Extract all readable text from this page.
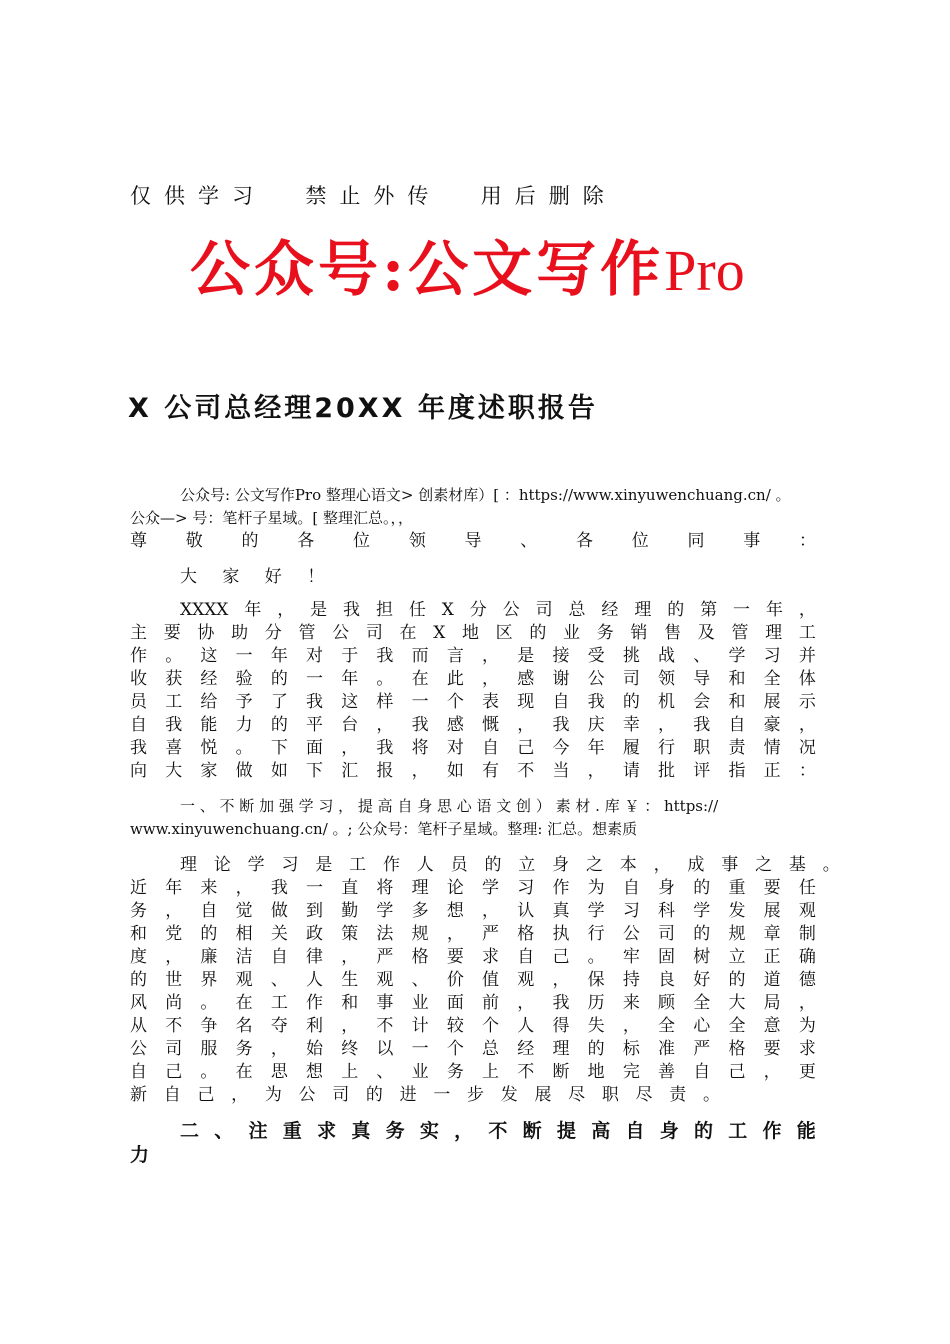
仅供学习  禁止外传  用后删除
公众号:公文写作Pro
X 公司总经理20XX 年度述职报告
公众号: 公文写作Pro 整理心语文> 创素材库）[ ：https://www.xinyuwenchuang.cn/ 。
公众—> 号：笔杆子星域。[ 整理汇总。，，
尊 敬 的 各 位 领 导 、 各 位 同 事 ：
大 家 好 ！
XXXX 年 ， 是 我 担 任 X 分 公 司 总 经 理 的 第 一 年 ，
主 要 协 助 分 管 公 司 在 X 地 区 的 业 务 销 售 及 管 理 工
作 。 这 一 年 对 于 我 而 言 ， 是 接 受 挑 战 、 学 习 并
收 获 经 验 的 一 年 。 在 此 ， 感 谢 公 司 领 导 和 全 体
员 工 给 予 了 我 这 样 一 个 表 现 自 我 的 机 会 和 展 示
自 我 能 力 的 平 台 ， 我 感 慨 ， 我 庆 幸 ， 我 自 豪 ，
我 喜 悦 。 下 面 ， 我 将 对 自 己 今 年 履 行 职 责 情 况
向 大 家 做 如 下 汇 报 ， 如 有 不 当 ， 请 批 评 指 正 ：
一 、 不 断 加 强 学 习 ， 提 高 自 身 思 心 语 文 创 ） 素 材 . 库 ￥ ： https://
www.xinyuwenchuang.cn/ 。; 公众号：笔杆子星域。整理: 汇总。想素质
理 论 学 习 是 工 作 人 员 的 立 身 之 本 ， 成 事 之 基 。
近 年 来 ， 我 一 直 将 理 论 学 习 作 为 自 身 的 重 要 任
务 ， 自 觉 做 到 勤 学 多 想 ， 认 真 学 习 科 学 发 展 观
和 党 的 相 关 政 策 法 规 ， 严 格 执 行 公 司 的 规 章 制
度 ， 廉 洁 自 律 ， 严 格 要 求 自 己 。 牢 固 树 立 正 确
的 世 界 观 、 人 生 观 、 价 值 观 ， 保 持 良 好 的 道 德
风 尚 。 在 工 作 和 事 业 面 前 ， 我 历 来 顾 全 大 局 ，
从 不 争 名 夺 利 ， 不 计 较 个 人 得 失 ， 全 心 全 意 为
公 司 服 务 ， 始 终 以 一 个 总 经 理 的 标 准 严 格 要 求
自 己 。 在 思 想 上 、 业 务 上 不 断 地 完 善 自 己 ， 更
新 自 己 ， 为 公 司 的 进 一 步 发 展 尽 职 尽 责 。
二 、 注 重 求 真 务 实 ， 不 断 提 高 自 身 的 工 作 能
力
